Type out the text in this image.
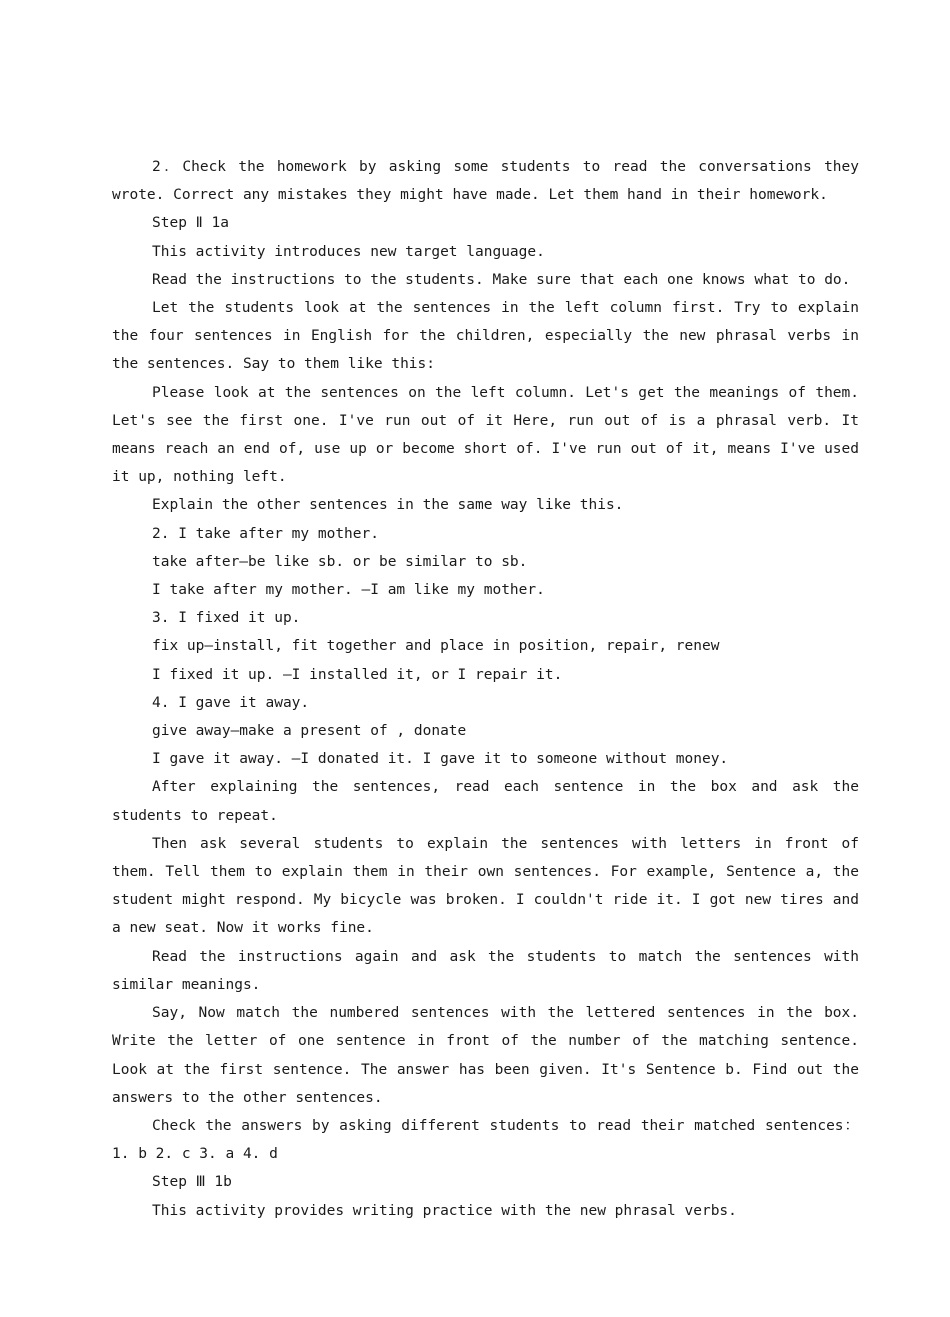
2．Check the homework by asking some students to read the conversations they wrote. Correct any mistakes they might have made. Let them hand in their homework.

Step Ⅱ 1a

This activity introduces new target language.

Read the instructions to the students. Make sure that each one knows what to do.

Let the students look at the sentences in the left column first. Try to explain the four sentences in English for the children, especially the new phrasal verbs in the sentences. Say to them like this:

Please look at the sentences on the left column. Let's get the meanings of them. Let's see the first one. I've run out of it Here, run out of is a phrasal verb. It means reach an end of, use up or become short of. I've run out of it, means I've used it up, nothing left.

Explain the other sentences in the same way like this.

2. I take after my mother.

take after—be like sb. or be similar to sb.

I take after my mother. —I am like my mother.

3. I fixed it up.

fix up—install, fit together and place in position, repair, renew

I fixed it up. —I installed it, or I repair it.

4. I gave it away.

give away—make a present of , donate

I gave it away. —I donated it. I gave it to someone without money.

After explaining the sentences, read each sentence in the box and ask the students to repeat.

Then ask several students to explain the sentences with letters in front of them. Tell them to explain them in their own sentences. For example, Sentence a, the student might respond. My bicycle was broken. I couldn't ride it. I got new tires and a new seat. Now it works fine.

Read the instructions again and ask the students to match the sentences with similar meanings.

Say, Now match the numbered sentences with the lettered sentences in the box. Write the letter of one sentence in front of the number of the matching sentence. Look at the first sentence. The answer has been given. It's Sentence b. Find out the answers to the other sentences.

Check the answers by asking different students to read their matched sentences：1. b 2. c 3. a 4. d

Step Ⅲ 1b

This activity provides writing practice with the new phrasal verbs.
